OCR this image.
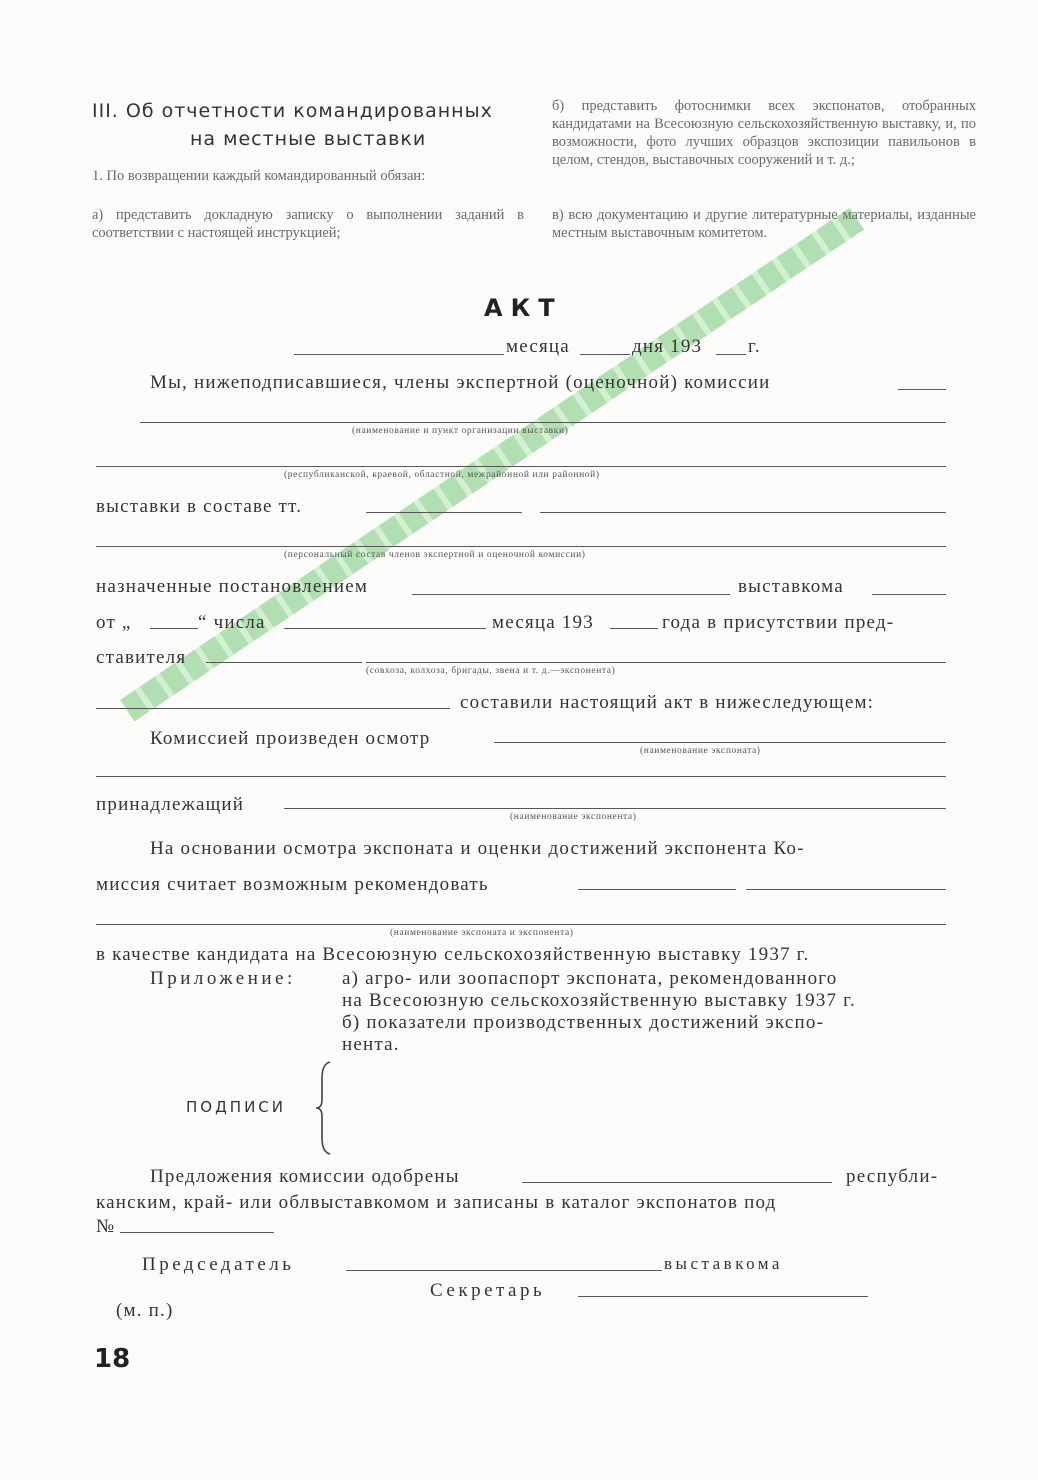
III. Об отчетности командированных
на местные выставки
1. По возвращении каждый командированный обязан:
а) представить докладную записку о выполнении заданий в соответствии с настоящей инструкцией;
б) представить фотоснимки всех экспонатов, отобранных кандидатами на Всесоюзную сельскохозяйственную выставку, и, по возможности, фото лучших образцов экспозиции павильонов в целом, стендов, выставочных сооружений и т. д.;
в) всю документацию и другие литературные материалы, изданные местным выставочным комитетом.
АКТ
месяца	дня 193 г.
Мы, нижеподписавшиеся, члены экспертной (оценочной) комиссии
(наименование и пункт организации выставки)
(республиканской, краевой, областной, межрайонной или районной)
выставки в составе тт.
(персональный состав членов экспертной и оценочной комиссии)
назначенные постановлением	выставкома
от „	“ числа	месяца 193	года в присутствии пред-
ставителя
(совхоза, колхоза, бригады, звена и т. д.—экспонента)
составили настоящий акт в нижеследующем:
Комиссией произведен осмотр
(наименование экспоната)
принадлежащий
(наименование экспонента)
На основании осмотра экспоната и оценки достижений экспонента Ко-
миссия считает возможным рекомендовать
(наименование экспоната и экспонента)
в качестве кандидата на Всесоюзную сельскохозяйственную выставку 1937 г.
Приложение: а) агро- или зоопаспорт экспоната, рекомендованного
на Всесоюзную сельскохозяйственную выставку 1937 г.
б) показатели производственных достижений экспо-
нента.
ПОДПИСИ
Предложения комиссии одобрены	республи-
канским, край- или облвыставкомом и записаны в каталог экспонатов под
№
Председатель	выставкома
Секретарь
(м. п.)
18
